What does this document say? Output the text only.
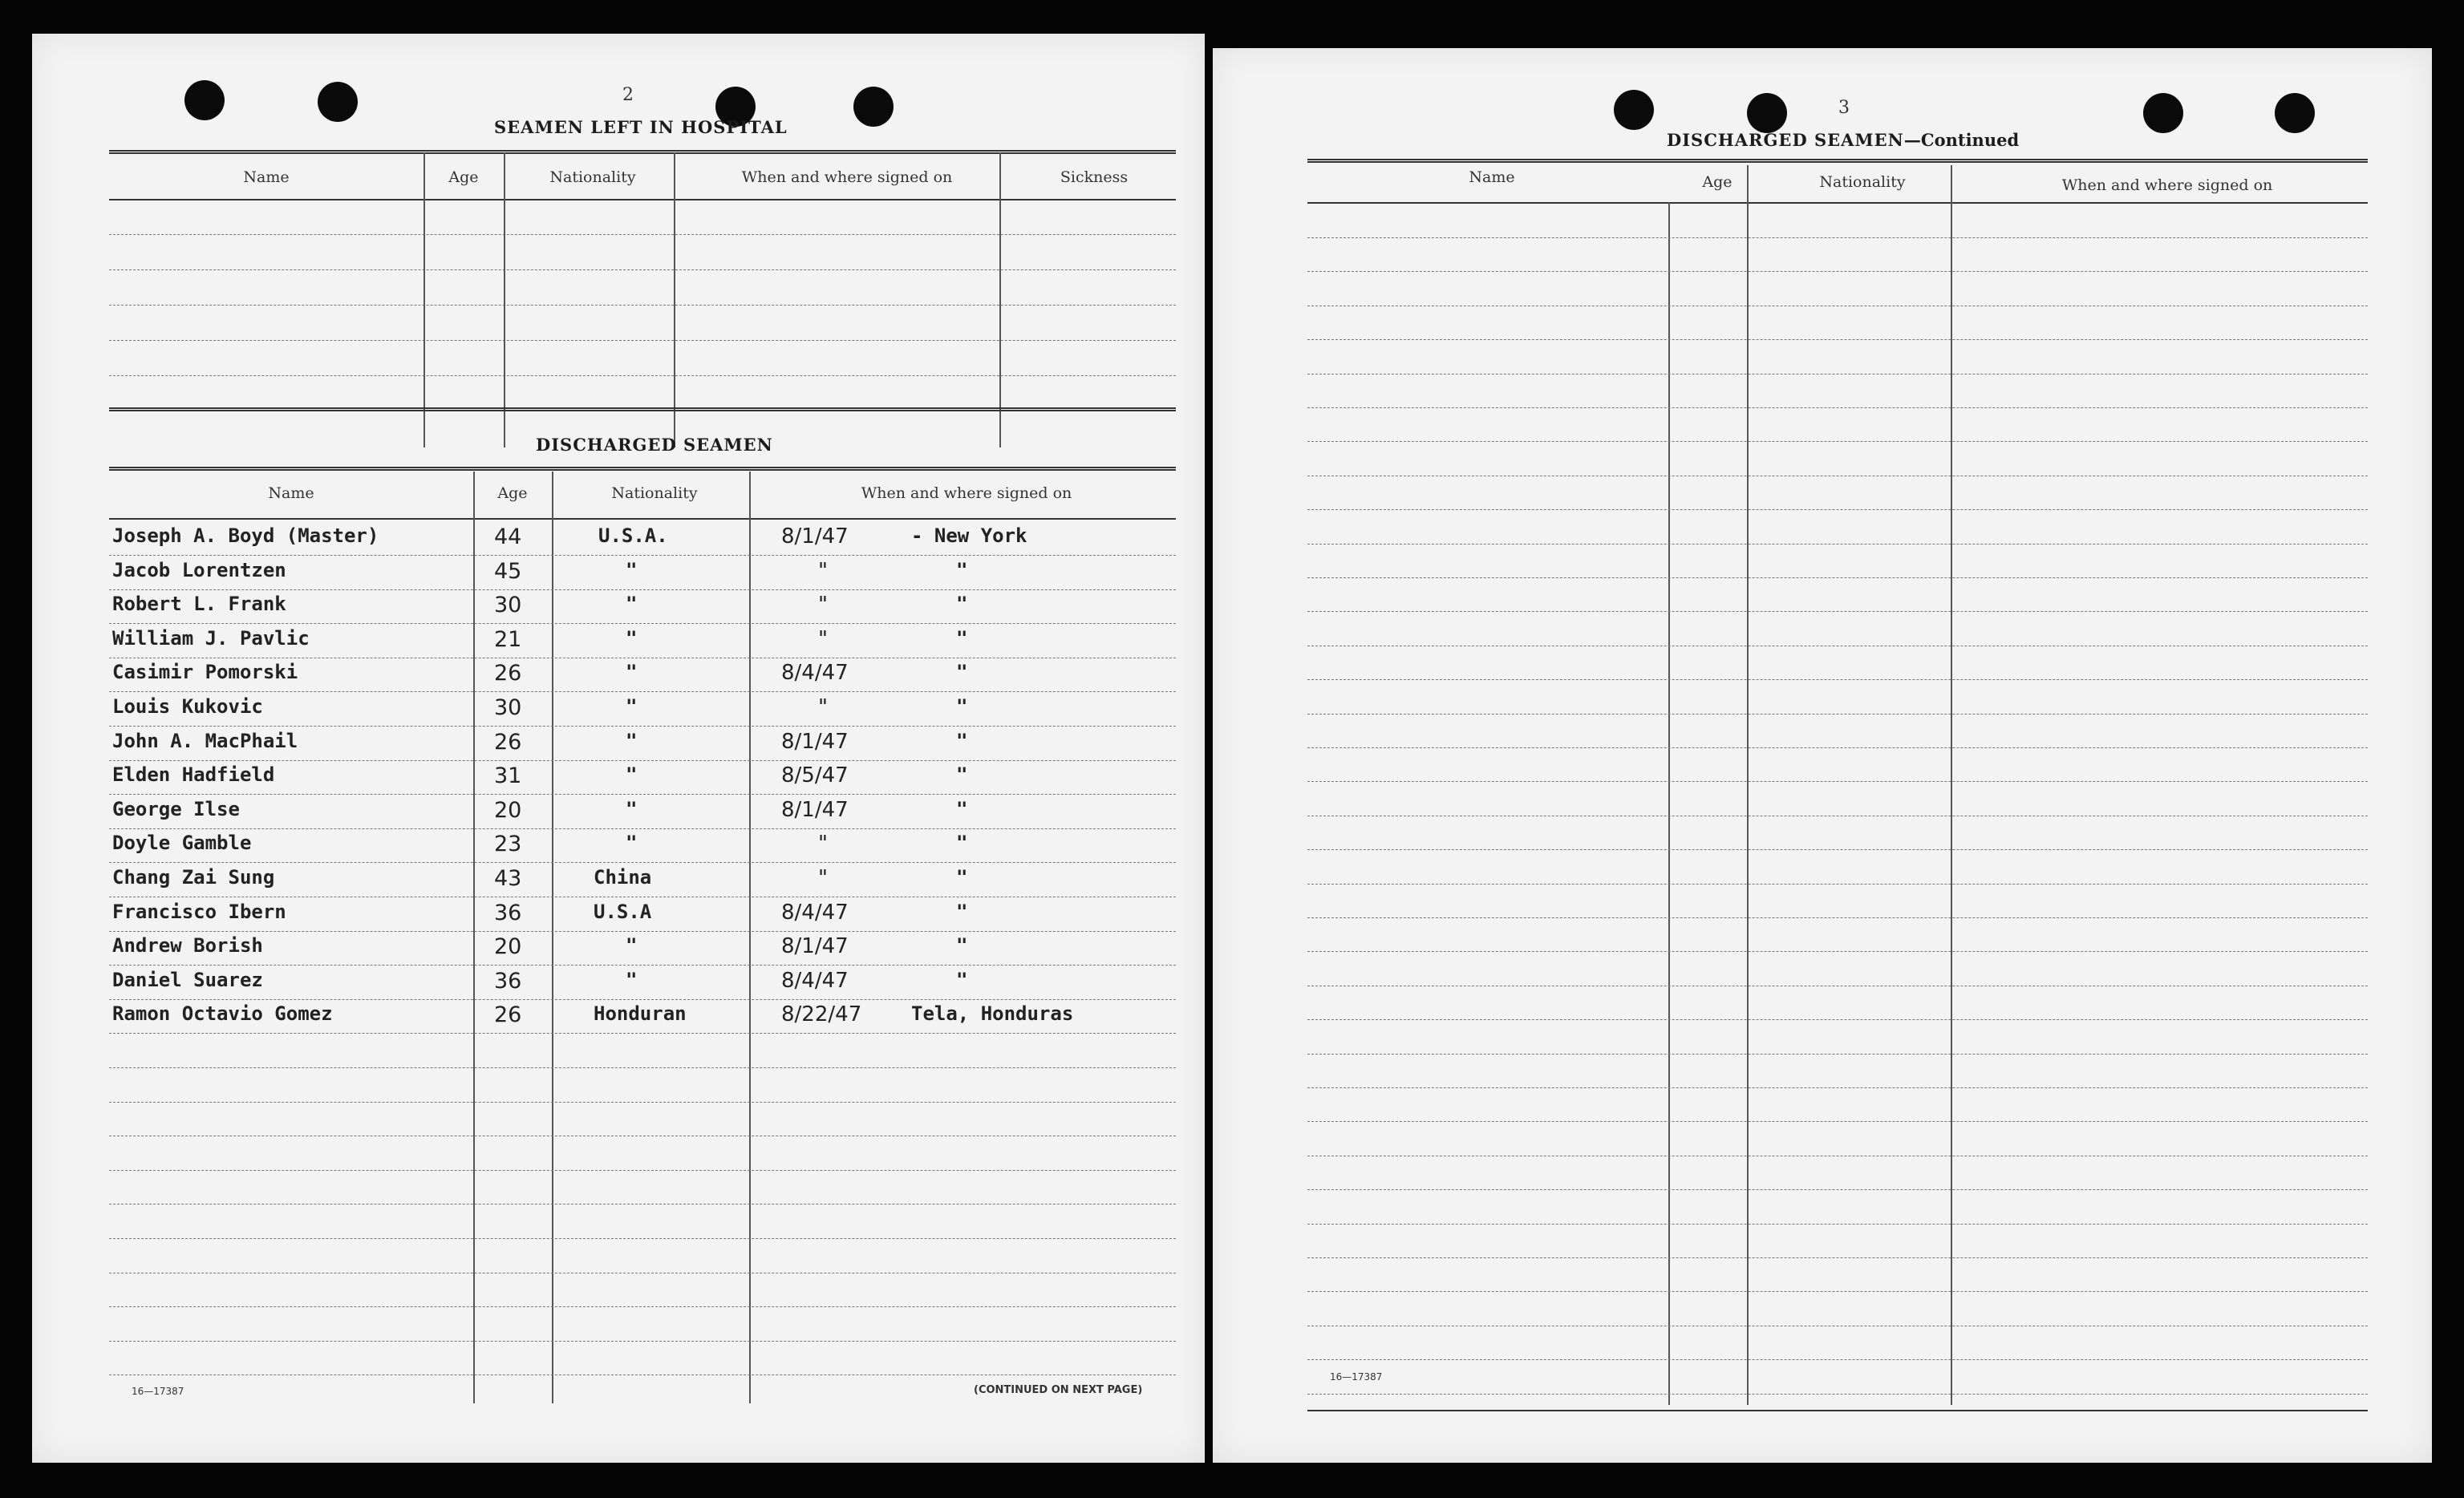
2
SEAMEN LEFT IN HOSPITAL
Name	Age	Nationality	When and where signed on	Sickness
DISCHARGED SEAMEN
Name	Age	Nationality	When and where signed on
Joseph A. Boyd (Master)	44	U.S.A.	8/1/47	- New York
Jacob Lorentzen	45	"	"	"
Robert L. Frank	30	"	"	"
William J. Pavlic	21	"	"	"
Casimir Pomorski	26	"	8/4/47	"
Louis Kukovic	30	"	"	"
John A. MacPhail	26	"	8/1/47	"
Elden Hadfield	31	"	8/5/47	"
George Ilse	20	"	8/1/47	"
Doyle Gamble	23	"	"	"
Chang Zai Sung	43	China	"	"
Francisco Ibern	36	U.S.A	8/4/47	"
Andrew Borish	20	"	8/1/47	"
Daniel Suarez	36	"	8/4/47	"
Ramon Octavio Gomez	26	Honduran	8/22/47	Tela, Honduras
16—17387	(CONTINUED ON NEXT PAGE)
3
DISCHARGED SEAMEN—Continued
Name	Age	Nationality	When and where signed on
16—17387
